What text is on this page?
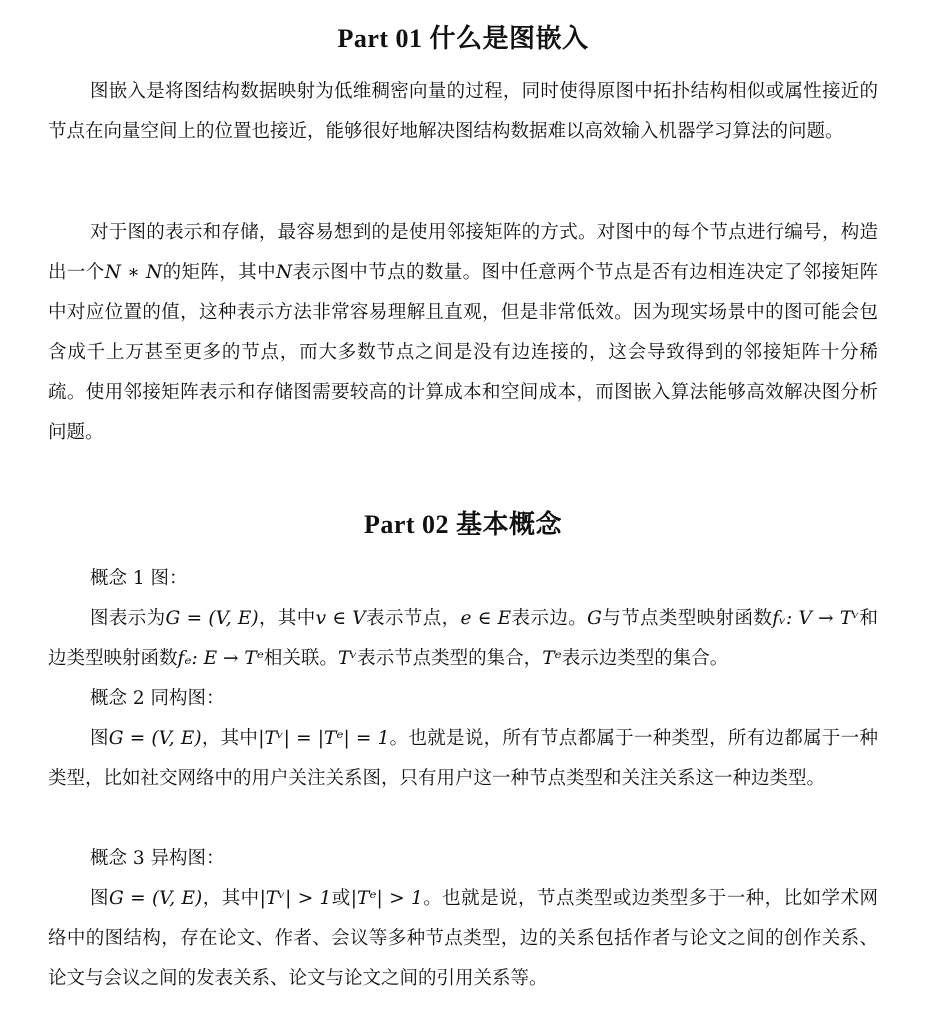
Part 01 什么是图嵌入

图嵌入是将图结构数据映射为低维稠密向量的过程，同时使得原图中拓扑结构相似或属性接近的节点在向量空间上的位置也接近，能够很好地解决图结构数据难以高效输入机器学习算法的问题。

对于图的表示和存储，最容易想到的是使用邻接矩阵的方式。对图中的每个节点进行编号，构造出一个N ∗ N的矩阵，其中N表示图中节点的数量。图中任意两个节点是否有边相连决定了邻接矩阵中对应位置的值，这种表示方法非常容易理解且直观，但是非常低效。因为现实场景中的图可能会包含成千上万甚至更多的节点，而大多数节点之间是没有边连接的，这会导致得到的邻接矩阵十分稀疏。使用邻接矩阵表示和存储图需要较高的计算成本和空间成本，而图嵌入算法能够高效解决图分析问题。

Part 02 基本概念

概念 1 图：

图表示为G = (V, E)，其中v ∈ V表示节点，e ∈ E表示边。G与节点类型映射函数fᵥ: V → Tᵛ和边类型映射函数fₑ: E → Tᵉ相关联。Tᵛ表示节点类型的集合，Tᵉ表示边类型的集合。

概念 2 同构图：

图G = (V, E)，其中|Tᵛ| = |Tᵉ| = 1。也就是说，所有节点都属于一种类型，所有边都属于一种类型，比如社交网络中的用户关注关系图，只有用户这一种节点类型和关注关系这一种边类型。

概念 3 异构图：

图G = (V, E)，其中|Tᵛ| > 1或|Tᵉ| > 1。也就是说，节点类型或边类型多于一种，比如学术网络中的图结构，存在论文、作者、会议等多种节点类型，边的关系包括作者与论文之间的创作关系、论文与会议之间的发表关系、论文与论文之间的引用关系等。
